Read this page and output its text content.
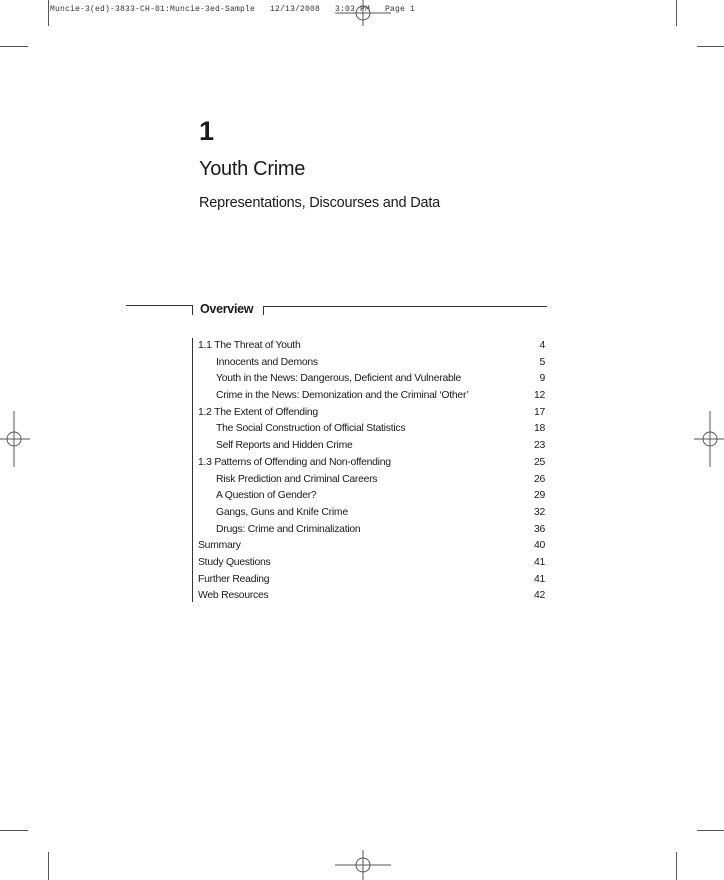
Muncie-3(ed)-3833-CH-01:Muncie-3ed-Sample   12/13/2008   3:03 PM   Page 1
1
Youth Crime
Representations, Discourses and Data
Overview
1.1 The Threat of Youth	4
Innocents and Demons	5
Youth in the News: Dangerous, Deficient and Vulnerable	9
Crime in the News: Demonization and the Criminal ‘Other’	12
1.2 The Extent of Offending	17
The Social Construction of Official Statistics	18
Self Reports and Hidden Crime	23
1.3 Patterns of Offending and Non-offending	25
Risk Prediction and Criminal Careers	26
A Question of Gender?	29
Gangs, Guns and Knife Crime	32
Drugs: Crime and Criminalization	36
Summary	40
Study Questions	41
Further Reading	41
Web Resources	42
